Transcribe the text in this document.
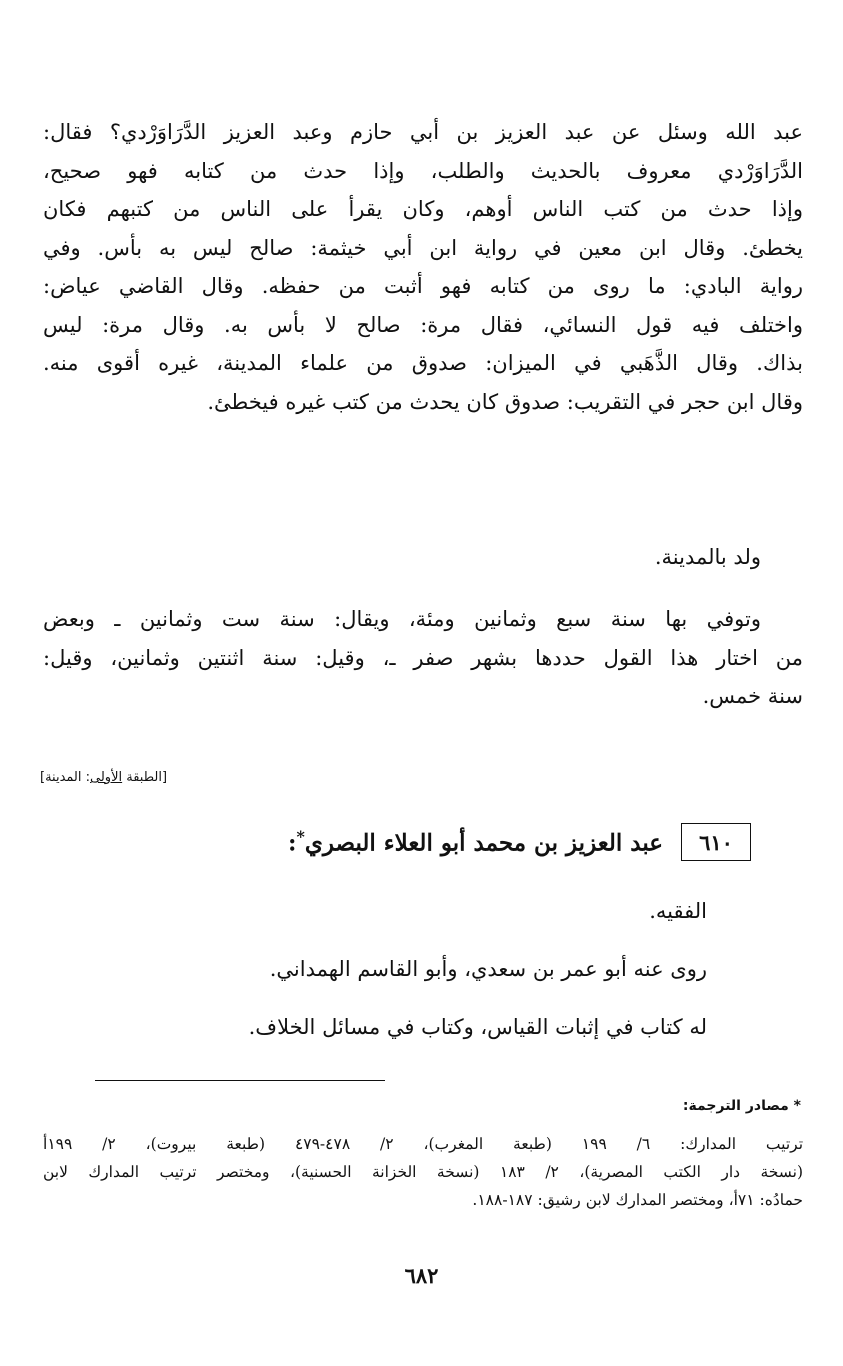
عبد الله وسئل عن عبد العزيز بن أبي حازم وعبد العزيز الدَّرَاوَرْدي؟ فقال:
الدَّرَاوَرْدي معروف بالحديث والطلب، وإذا حدث من كتابه فهو صحيح،
وإذا حدث من كتب الناس أوهم، وكان يقرأ على الناس من كتبهم فكان
يخطئ. وقال ابن معين في رواية ابن أبي خيثمة: صالح ليس به بأس. وفي
رواية البادي: ما روى من كتابه فهو أثبت من حفظه. وقال القاضي عياض:
واختلف فيه قول النسائي، فقال مرة: صالح لا بأس به. وقال مرة: ليس
بذاك. وقال الذَّهَبي في الميزان: صدوق من علماء المدينة، غيره أقوى منه.
وقال ابن حجر في التقريب: صدوق كان يحدث من كتب غيره فيخطئ.
ولد بالمدينة.
وتوفي بها سنة سبع وثمانين ومئة، ويقال: سنة ست وثمانين ـ وبعض
من اختار هذا القول حددها بشهر صفر ـ، وقيل: سنة اثنتين وثمانين، وقيل:
سنة خمس.
[الطبقة الأولى: المدينة]
٦١٠
عبد العزيز بن محمد أبو العلاء البصري*:
الفقيه.
روى عنه أبو عمر بن سعدي، وأبو القاسم الهمداني.
له كتاب في إثبات القياس، وكتاب في مسائل الخلاف.
* مصادر الترجمة:
ترتيب المدارك: ٦/ ١٩٩ (طبعة المغرب)، ٢/ ٤٧٨-٤٧٩ (طبعة بيروت)، ٢/ ١٩٩أ
(نسخة دار الكتب المصرية)، ٢/ ١٨٣ (نسخة الخزانة الحسنية)، ومختصر ترتيب المدارك لابن
حمادُه: ٧١أ، ومختصر المدارك لابن رشيق: ١٨٧-١٨٨.
٦٨٢
